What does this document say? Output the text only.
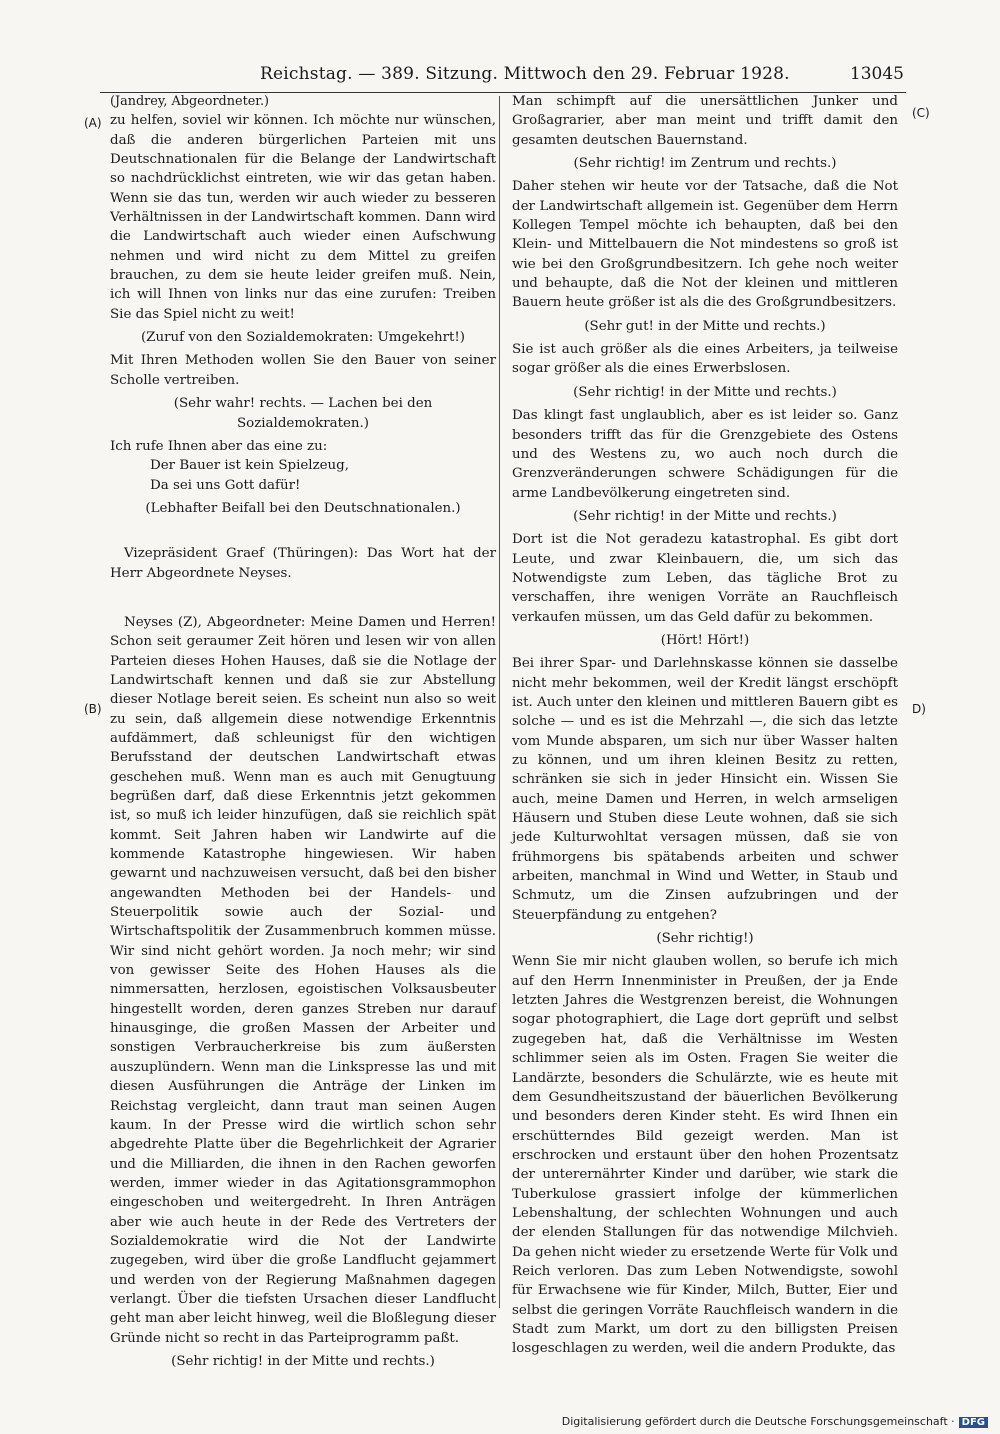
Reichstag. — 389. Sitzung. Mittwoch den 29. Februar 1928.	13045
(A)
(B)
(C)
D)

(Jandrey, Abgeordneter.)

zu helfen, soviel wir können. Ich möchte nur wünschen, daß die anderen bürgerlichen Parteien mit uns Deutschnationalen für die Belange der Landwirtschaft so nachdrücklichst eintreten, wie wir das getan haben. Wenn sie das tun, werden wir auch wieder zu besseren Verhältnissen in der Landwirtschaft kommen. Dann wird die Landwirtschaft auch wieder einen Aufschwung nehmen und wird nicht zu dem Mittel zu greifen brauchen, zu dem sie heute leider greifen muß. Nein, ich will Ihnen von links nur das eine zurufen: Treiben Sie das Spiel nicht zu weit!

(Zuruf von den Sozialdemokraten: Umgekehrt!)

Mit Ihren Methoden wollen Sie den Bauer von seiner Scholle vertreiben.

(Sehr wahr! rechts. — Lachen bei den Sozialdemokraten.)

Ich rufe Ihnen aber das eine zu:

Der Bauer ist kein Spielzeug,

Da sei uns Gott dafür!

(Lebhafter Beifall bei den Deutschnationalen.)

Vizepräsident Graef (Thüringen): Das Wort hat der Herr Abgeordnete Neyses.

Neyses (Z), Abgeordneter: Meine Damen und Herren! Schon seit geraumer Zeit hören und lesen wir von allen Parteien dieses Hohen Hauses, daß sie die Notlage der Landwirtschaft kennen und daß sie zur Abstellung dieser Notlage bereit seien. Es scheint nun also so weit zu sein, daß allgemein diese notwendige Erkenntnis aufdämmert, daß schleunigst für den wichtigen Berufsstand der deutschen Landwirtschaft etwas geschehen muß. Wenn man es auch mit Genugtuung begrüßen darf, daß diese Erkenntnis jetzt gekommen ist, so muß ich leider hinzufügen, daß sie reichlich spät kommt. Seit Jahren haben wir Landwirte auf die kommende Katastrophe hingewiesen. Wir haben gewarnt und nachzuweisen versucht, daß bei den bisher angewandten Methoden bei der Handels- und Steuerpolitik sowie auch der Sozial- und Wirtschaftspolitik der Zusammenbruch kommen müsse. Wir sind nicht gehört worden. Ja noch mehr; wir sind von gewisser Seite des Hohen Hauses als die nimmersatten, herzlosen, egoistischen Volksausbeuter hingestellt worden, deren ganzes Streben nur darauf hinausginge, die großen Massen der Arbeiter und sonstigen Verbraucherkreise bis zum äußersten auszuplündern. Wenn man die Linkspresse las und mit diesen Ausführungen die Anträge der Linken im Reichstag vergleicht, dann traut man seinen Augen kaum. In der Presse wird die wirtlich schon sehr abgedrehte Platte über die Begehrlichkeit der Agrarier und die Milliarden, die ihnen in den Rachen geworfen werden, immer wieder in das Agitationsgrammophon eingeschoben und weitergedreht. In Ihren Anträgen aber wie auch heute in der Rede des Vertreters der Sozialdemokratie wird die Not der Landwirte zugegeben, wird über die große Landflucht gejammert und werden von der Regierung Maßnahmen dagegen verlangt. Über die tiefsten Ursachen dieser Landflucht geht man aber leicht hinweg, weil die Bloßlegung dieser Gründe nicht so recht in das Parteiprogramm paßt.

(Sehr richtig! in der Mitte und rechts.)

Man schimpft auf die unersättlichen Junker und Großagrarier, aber man meint und trifft damit den gesamten deutschen Bauernstand.

(Sehr richtig! im Zentrum und rechts.)

Daher stehen wir heute vor der Tatsache, daß die Not der Landwirtschaft allgemein ist. Gegenüber dem Herrn Kollegen Tempel möchte ich behaupten, daß bei den Klein- und Mittelbauern die Not mindestens so groß ist wie bei den Großgrundbesitzern. Ich gehe noch weiter und behaupte, daß die Not der kleinen und mittleren Bauern heute größer ist als die des Großgrundbesitzers.

(Sehr gut! in der Mitte und rechts.)

Sie ist auch größer als die eines Arbeiters, ja teilweise sogar größer als die eines Erwerbslosen.

(Sehr richtig! in der Mitte und rechts.)

Das klingt fast unglaublich, aber es ist leider so. Ganz besonders trifft das für die Grenzgebiete des Ostens und des Westens zu, wo auch noch durch die Grenzveränderungen schwere Schädigungen für die arme Landbevölkerung eingetreten sind.

(Sehr richtig! in der Mitte und rechts.)

Dort ist die Not geradezu katastrophal. Es gibt dort Leute, und zwar Kleinbauern, die, um sich das Notwendigste zum Leben, das tägliche Brot zu verschaffen, ihre wenigen Vorräte an Rauchfleisch verkaufen müssen, um das Geld dafür zu bekommen.

(Hört! Hört!)

Bei ihrer Spar- und Darlehnskasse können sie dasselbe nicht mehr bekommen, weil der Kredit längst erschöpft ist. Auch unter den kleinen und mittleren Bauern gibt es solche — und es ist die Mehrzahl —, die sich das letzte vom Munde absparen, um sich nur über Wasser halten zu können, und um ihren kleinen Besitz zu retten, schränken sie sich in jeder Hinsicht ein. Wissen Sie auch, meine Damen und Herren, in welch armseligen Häusern und Stuben diese Leute wohnen, daß sie sich jede Kulturwohltat versagen müssen, daß sie von frühmorgens bis spätabends arbeiten und schwer arbeiten, manchmal in Wind und Wetter, in Staub und Schmutz, um die Zinsen aufzubringen und der Steuerpfändung zu entgehen?

(Sehr richtig!)

Wenn Sie mir nicht glauben wollen, so berufe ich mich auf den Herrn Innenminister in Preußen, der ja Ende letzten Jahres die Westgrenzen bereist, die Wohnungen sogar photographiert, die Lage dort geprüft und selbst zugegeben hat, daß die Verhältnisse im Westen schlimmer seien als im Osten. Fragen Sie weiter die Landärzte, besonders die Schulärzte, wie es heute mit dem Gesundheitszustand der bäuerlichen Bevölkerung und besonders deren Kinder steht. Es wird Ihnen ein erschütterndes Bild gezeigt werden. Man ist erschrocken und erstaunt über den hohen Prozentsatz der unterernährter Kinder und darüber, wie stark die Tuberkulose grassiert infolge der kümmerlichen Lebenshaltung, der schlechten Wohnungen und auch der elenden Stallungen für das notwendige Milchvieh. Da gehen nicht wieder zu ersetzende Werte für Volk und Reich verloren. Das zum Leben Notwendigste, sowohl für Erwachsene wie für Kinder, Milch, Butter, Eier und selbst die geringen Vorräte Rauchfleisch wandern in die Stadt zum Markt, um dort zu den billigsten Preisen losgeschlagen zu werden, weil die andern Produkte, das

Digitalisierung gefördert durch die Deutsche Forschungsgemeinschaft · DFG
